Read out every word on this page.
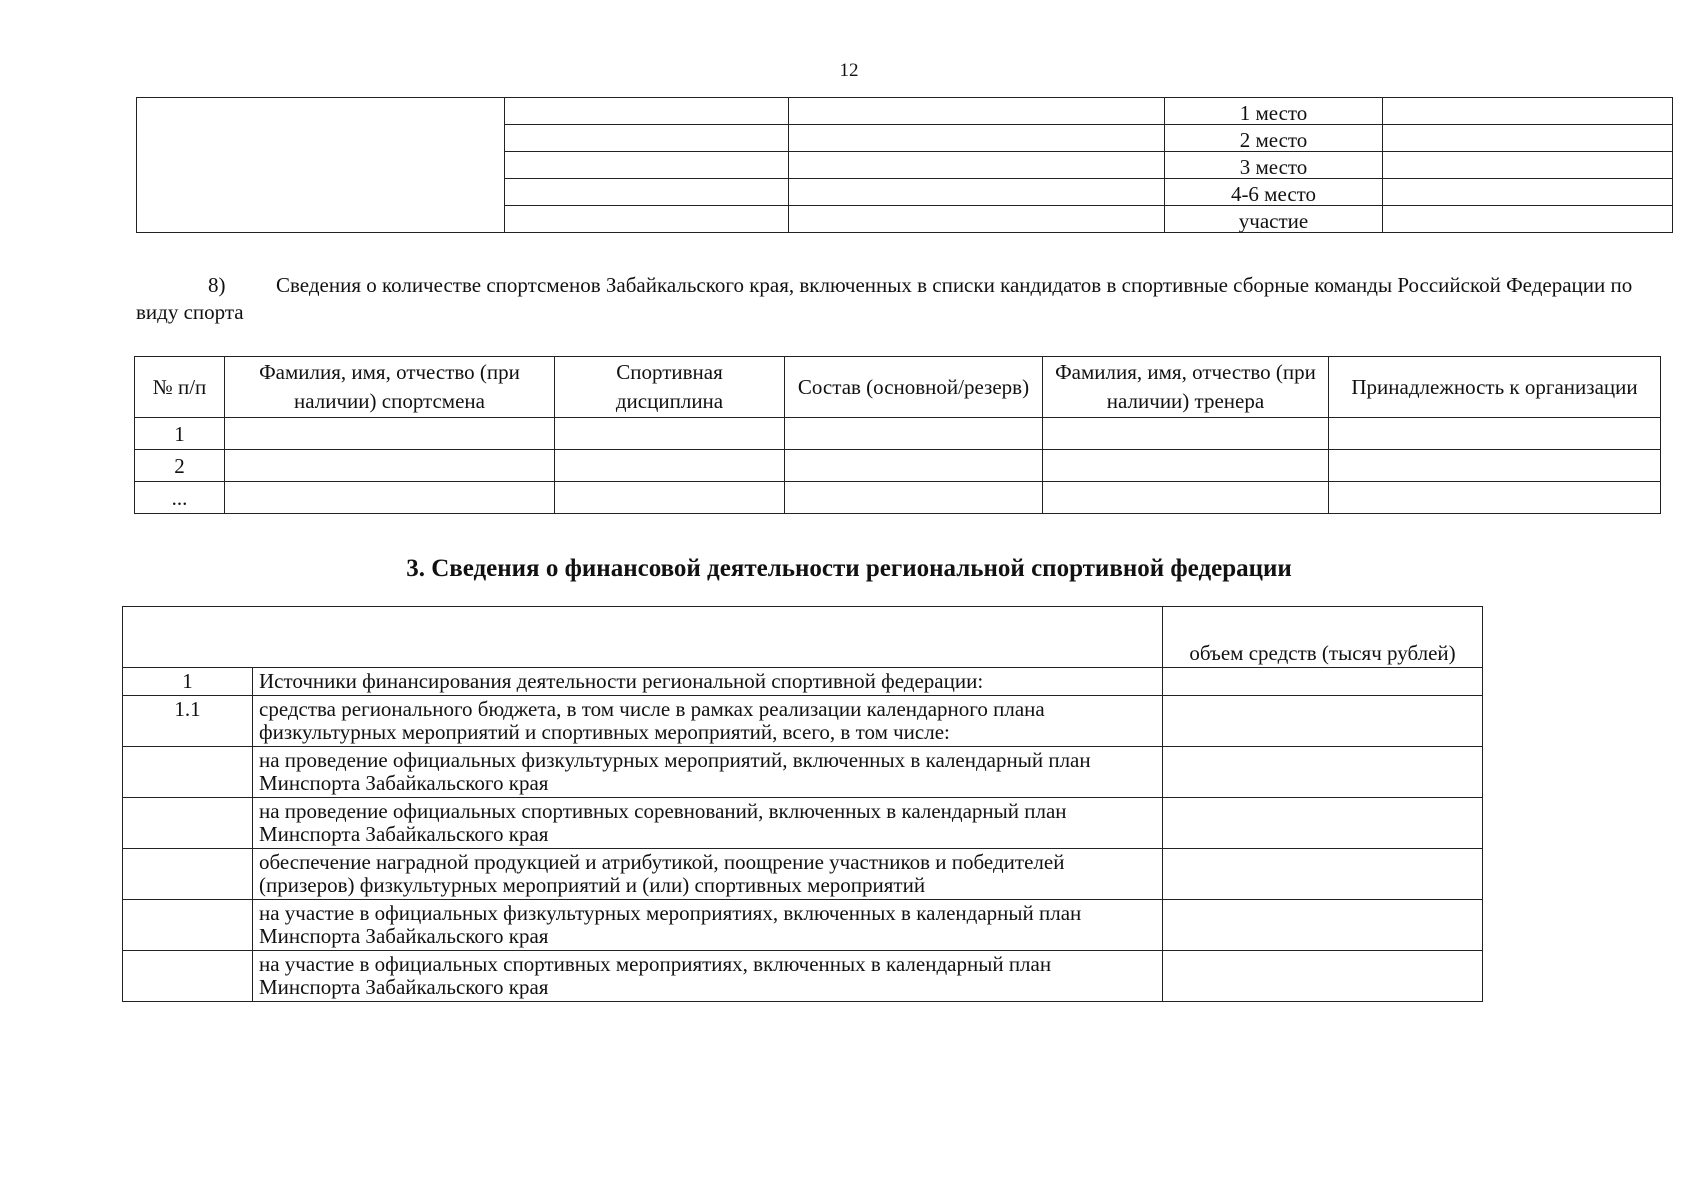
12
			1 место	
			2 место	
			3 место	
			4-6 место	
			участие	
8) Сведения о количестве спортсменов Забайкальского края, включенных в списки кандидатов в спортивные сборные команды Российской Федерации по виду спорта
№ п/п	Фамилия, имя, отчество (при наличии) спортсмена	Спортивная дисциплина	Состав (основной/резерв)	Фамилия, имя, отчество (при наличии) тренера	Принадлежность к организации
1					
2					
...					
3. Сведения о финансовой деятельности региональной спортивной федерации
		объем средств (тысяч рублей)
1	Источники финансирования деятельности региональной спортивной федерации:	
1.1	средства регионального бюджета, в том числе в рамках реализации календарного плана физкультурных мероприятий и спортивных мероприятий, всего, в том числе:	
	на проведение официальных физкультурных мероприятий, включенных в календарный план Минспорта Забайкальского края	
	на проведение официальных спортивных соревнований, включенных в календарный план Минспорта Забайкальского края	
	обеспечение наградной продукцией и атрибутикой, поощрение участников и победителей (призеров) физкультурных мероприятий и (или) спортивных мероприятий	
	на участие в официальных физкультурных мероприятиях, включенных в календарный план Минспорта Забайкальского края	
	на участие в официальных спортивных мероприятиях, включенных в календарный план Минспорта Забайкальского края	
